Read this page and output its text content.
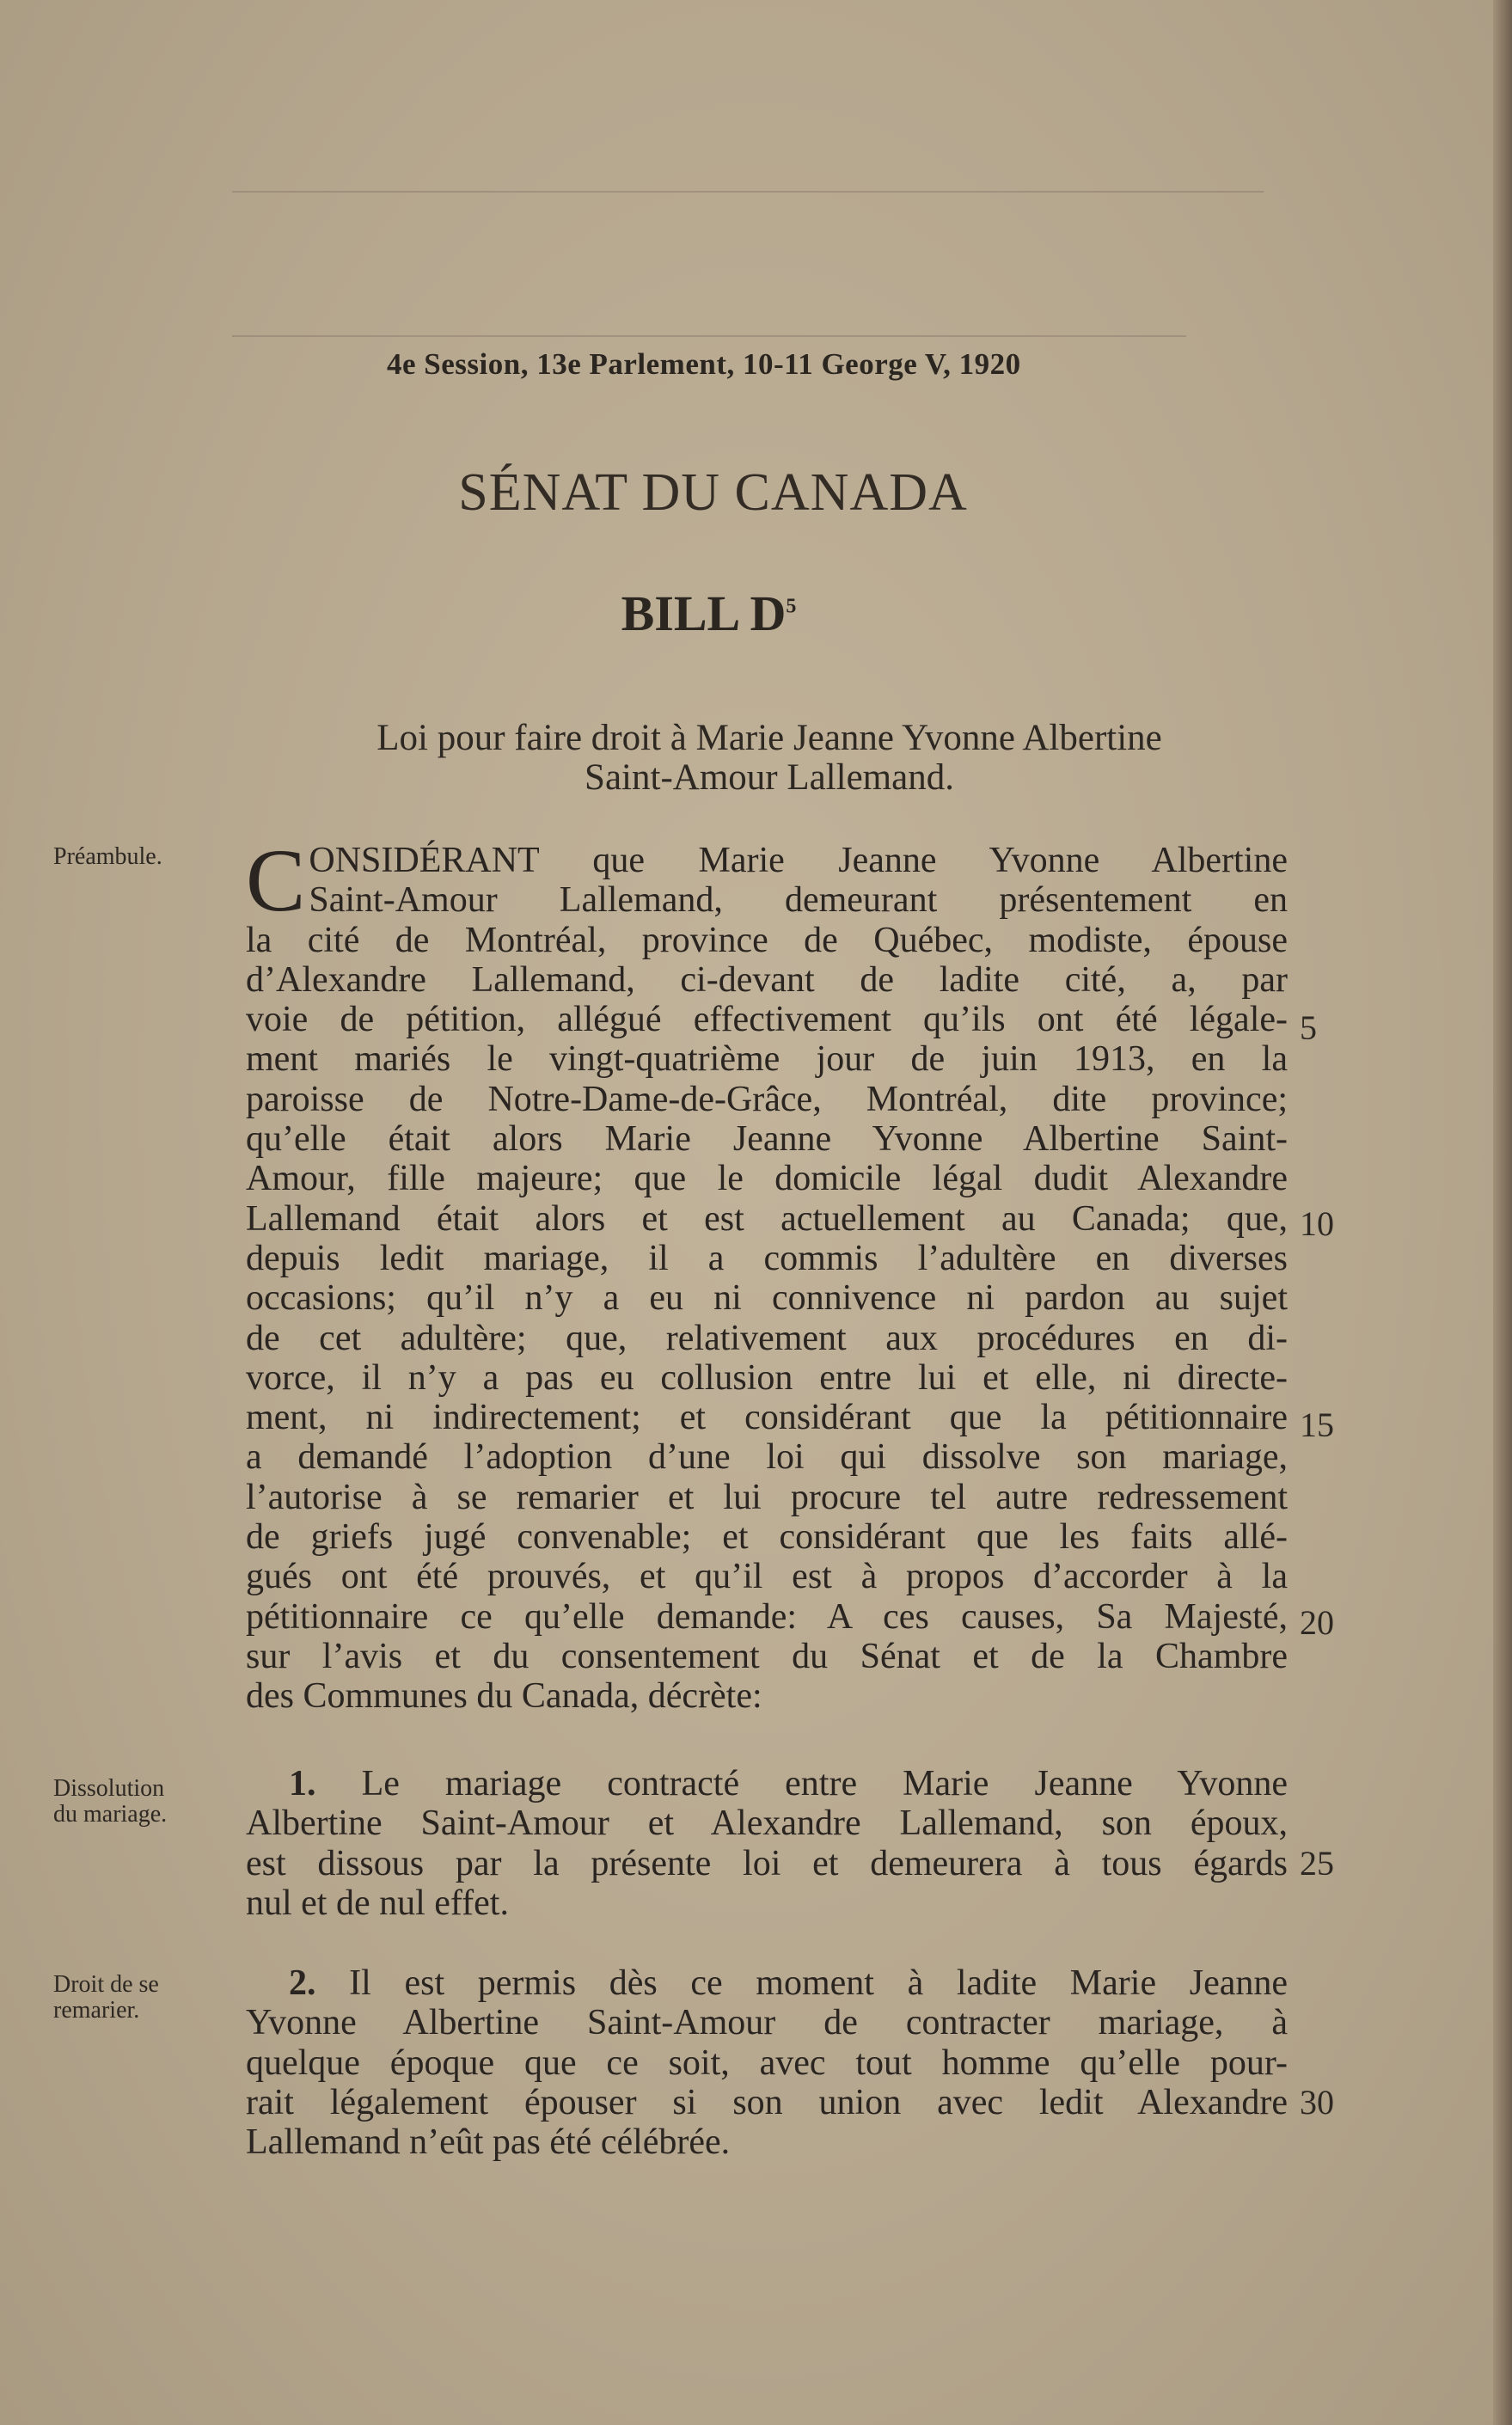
4e Session, 13e Parlement, 10-11 George V, 1920
SÉNAT DU CANADA
BILL $D^5$
Loi pour faire droit à Marie Jeanne Yvonne Albertine
Saint-Amour Lallemand.
Préambule.
Dissolution
du mariage.
Droit de se
remarier.
C ONSIDÉRANT que Marie Jeanne Yvonne Albertine
Saint-Amour Lallemand, demeurant présentement en
la cité de Montréal, province de Québec, modiste, épouse
d’Alexandre Lallemand, ci-devant de ladite cité, a, par
voie de pétition, allégué effectivement qu’ils ont été légale-
ment mariés le vingt-quatrième jour de juin 1913, en la
paroisse de Notre-Dame-de-Grâce, Montréal, dite province;
qu’elle était alors Marie Jeanne Yvonne Albertine Saint-
Amour, fille majeure; que le domicile légal dudit Alexandre
Lallemand était alors et est actuellement au Canada; que,
depuis ledit mariage, il a commis l’adultère en diverses
occasions; qu’il n’y a eu ni connivence ni pardon au sujet
de cet adultère; que, relativement aux procédures en di-
vorce, il n’y a pas eu collusion entre lui et elle, ni directe-
ment, ni indirectement; et considérant que la pétitionnaire
a demandé l’adoption d’une loi qui dissolve son mariage,
l’autorise à se remarier et lui procure tel autre redressement
de griefs jugé convenable; et considérant que les faits allé-
gués ont été prouvés, et qu’il est à propos d’accorder à la
pétitionnaire ce qu’elle demande: A ces causes, Sa Majesté,
sur l’avis et du consentement du Sénat et de la Chambre
des Communes du Canada, décrète:
1. Le mariage contracté entre Marie Jeanne Yvonne
Albertine Saint-Amour et Alexandre Lallemand, son époux,
est dissous par la présente loi et demeurera à tous égards
nul et de nul effet.
2. Il est permis dès ce moment à ladite Marie Jeanne
Yvonne Albertine Saint-Amour de contracter mariage, à
quelque époque que ce soit, avec tout homme qu’elle pour-
rait légalement épouser si son union avec ledit Alexandre
Lallemand n’eût pas été célébrée.
5
10
15
20
25
30
